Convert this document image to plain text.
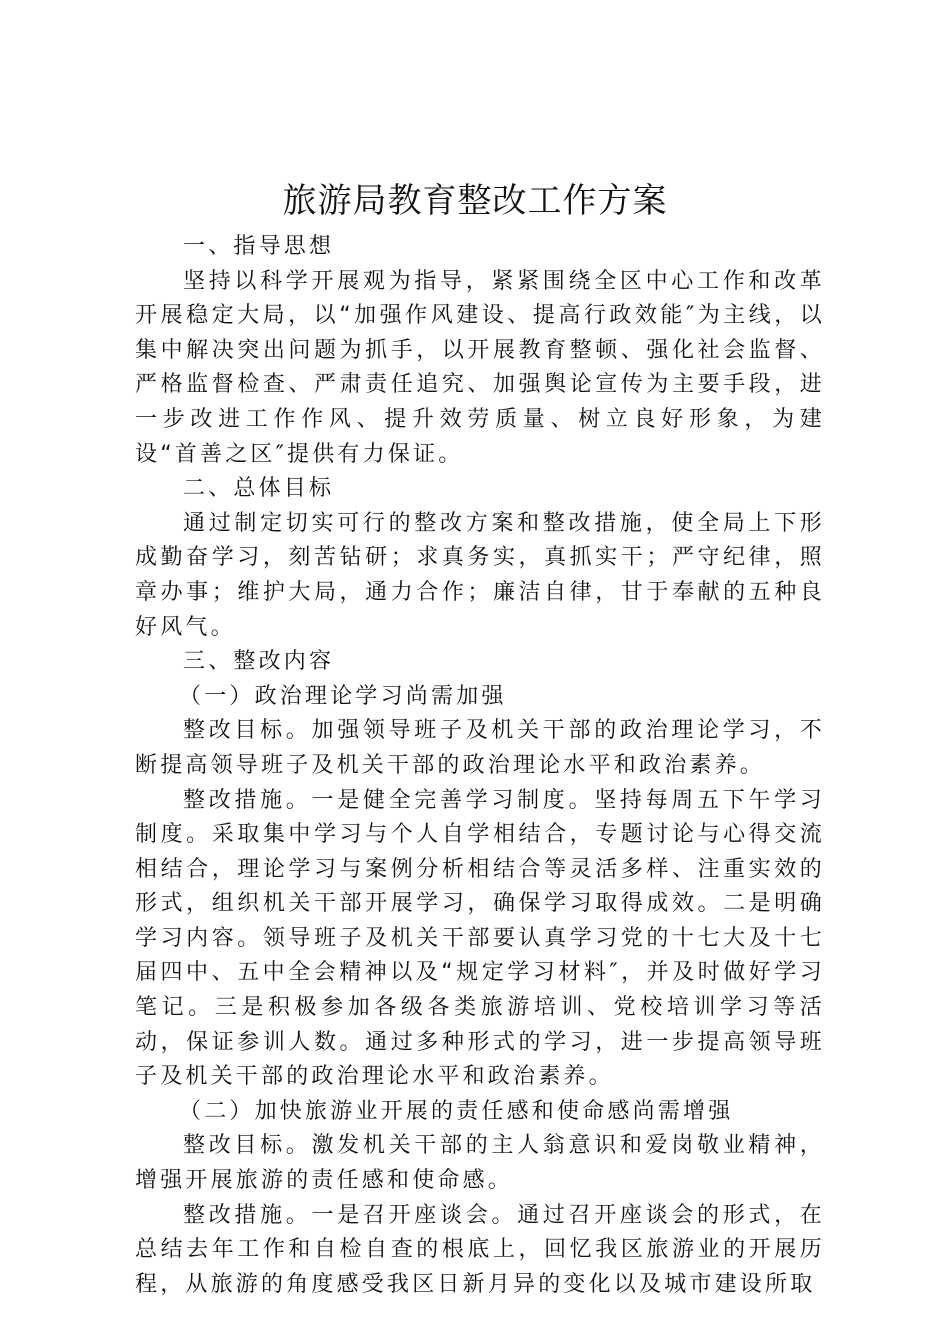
旅游局教育整改工作方案

一、指导思想

坚持以科学开展观为指导，紧紧围绕全区中心工作和改革开展稳定大局，以“加强作风建设、提高行政效能″为主线，以集中解决突出问题为抓手，以开展教育整顿、强化社会监督、严格监督检查、严肃责任追究、加强舆论宣传为主要手段，进一步改进工作作风、提升效劳质量、树立良好形象，为建设“首善之区″提供有力保证。

二、总体目标

通过制定切实可行的整改方案和整改措施，使全局上下形成勤奋学习，刻苦钻研；求真务实，真抓实干；严守纪律，照章办事；维护大局，通力合作；廉洁自律，甘于奉献的五种良好风气。

三、整改内容

（一）政治理论学习尚需加强

整改目标。加强领导班子及机关干部的政治理论学习，不断提高领导班子及机关干部的政治理论水平和政治素养。

整改措施。一是健全完善学习制度。坚持每周五下午学习制度。采取集中学习与个人自学相结合，专题讨论与心得交流相结合，理论学习与案例分析相结合等灵活多样、注重实效的形式，组织机关干部开展学习，确保学习取得成效。二是明确学习内容。领导班子及机关干部要认真学习党的十七大及十七届四中、五中全会精神以及“规定学习材料″，并及时做好学习笔记。三是积极参加各级各类旅游培训、党校培训学习等活动，保证参训人数。通过多种形式的学习，进一步提高领导班子及机关干部的政治理论水平和政治素养。

（二）加快旅游业开展的责任感和使命感尚需增强

整改目标。激发机关干部的主人翁意识和爱岗敬业精神，增强开展旅游的责任感和使命感。

整改措施。一是召开座谈会。通过召开座谈会的形式，在总结去年工作和自检自查的根底上，回忆我区旅游业的开展历程，从旅游的角度感受我区日新月异的变化以及城市建设所取
